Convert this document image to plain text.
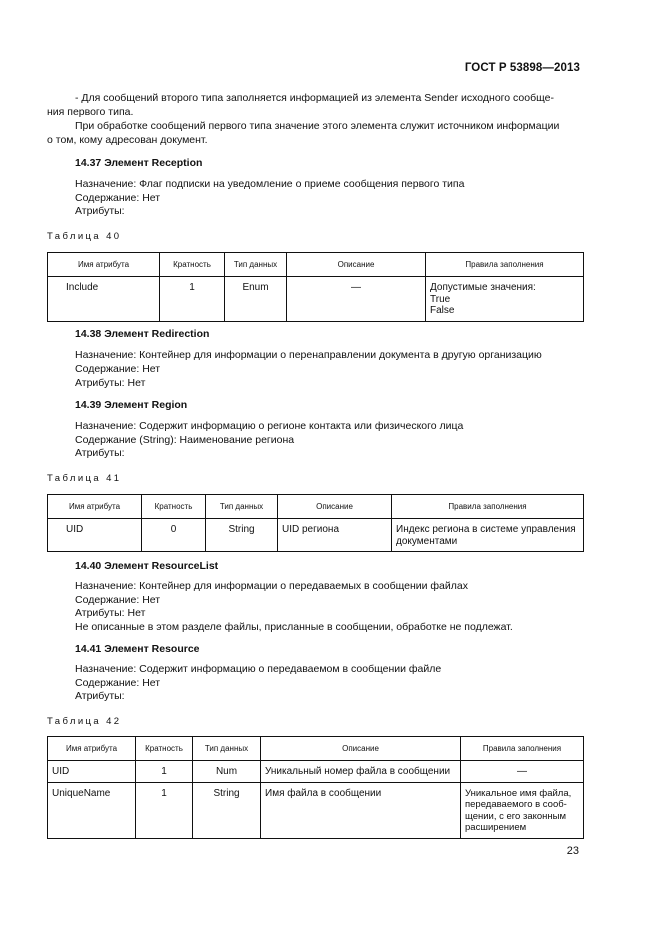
ГОСТ Р 53898—2013
- Для сообщений второго типа заполняется информацией из элемента Sender исходного сообще-
ния первого типа.
При обработке сообщений первого типа значение этого элемента служит источником информации
о том, кому адресован документ.
14.37 Элемент Reception
Назначение: Флаг подписки на уведомление о приеме сообщения первого типа
Содержание: Нет
Атрибуты:
Таблица 40
Имя атрибута	Кратность	Тип данных	Описание	Правила заполнения
Include	1	Enum	—	Допустимые значения:
True
False
14.38 Элемент Redirection
Назначение: Контейнер для информации о перенаправлении документа в другую организацию
Содержание: Нет
Атрибуты: Нет
14.39 Элемент Region
Назначение: Содержит информацию о регионе контакта или физического лица
Содержание (String): Наименование региона
Атрибуты:
Таблица 41
Имя атрибута	Кратность	Тип данных	Описание	Правила заполнения
UID	0	String	UID региона	Индекс региона в системе управления
документами
14.40 Элемент ResourceList
Назначение: Контейнер для информации о передаваемых в сообщении файлах
Содержание: Нет
Атрибуты: Нет
Не описанные в этом разделе файлы, присланные в сообщении, обработке не подлежат.
14.41 Элемент Resource
Назначение: Содержит информацию о передаваемом в сообщении файле
Содержание: Нет
Атрибуты:
Таблица 42
Имя атрибута	Кратность	Тип данных	Описание	Правила заполнения
UID	1	Num	Уникальный номер файла в сообщении	—

UniqueName	1	String	Имя файла в сообщении	Уникальное имя файла,
передаваемого в сооб-
щении, с его законным
расширением
23
